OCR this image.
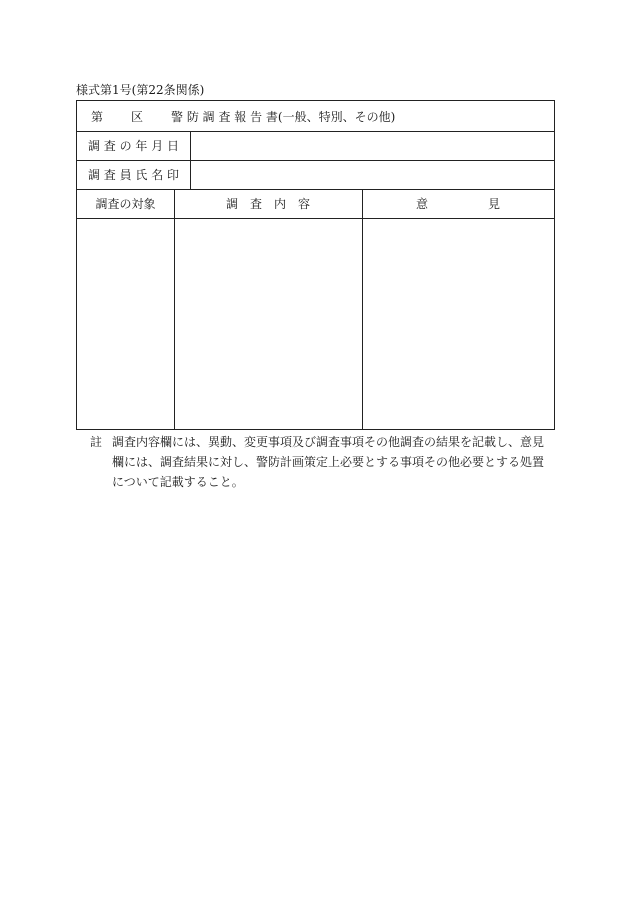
様式第1号(第22条関係)
第 区 警 防 調 査 報 告 書(一般、特別、その他)
調 査 の 年 月 日
調 査 員 氏 名 印
調査の対象	調　査　内　容	意　　　　　見
註 調査内容欄には、異動、変更事項及び調査事項その他調査の結果を記載し、意見欄には、調査結果に対し、警防計画策定上必要とする事項その他必要とする処置について記載すること。
